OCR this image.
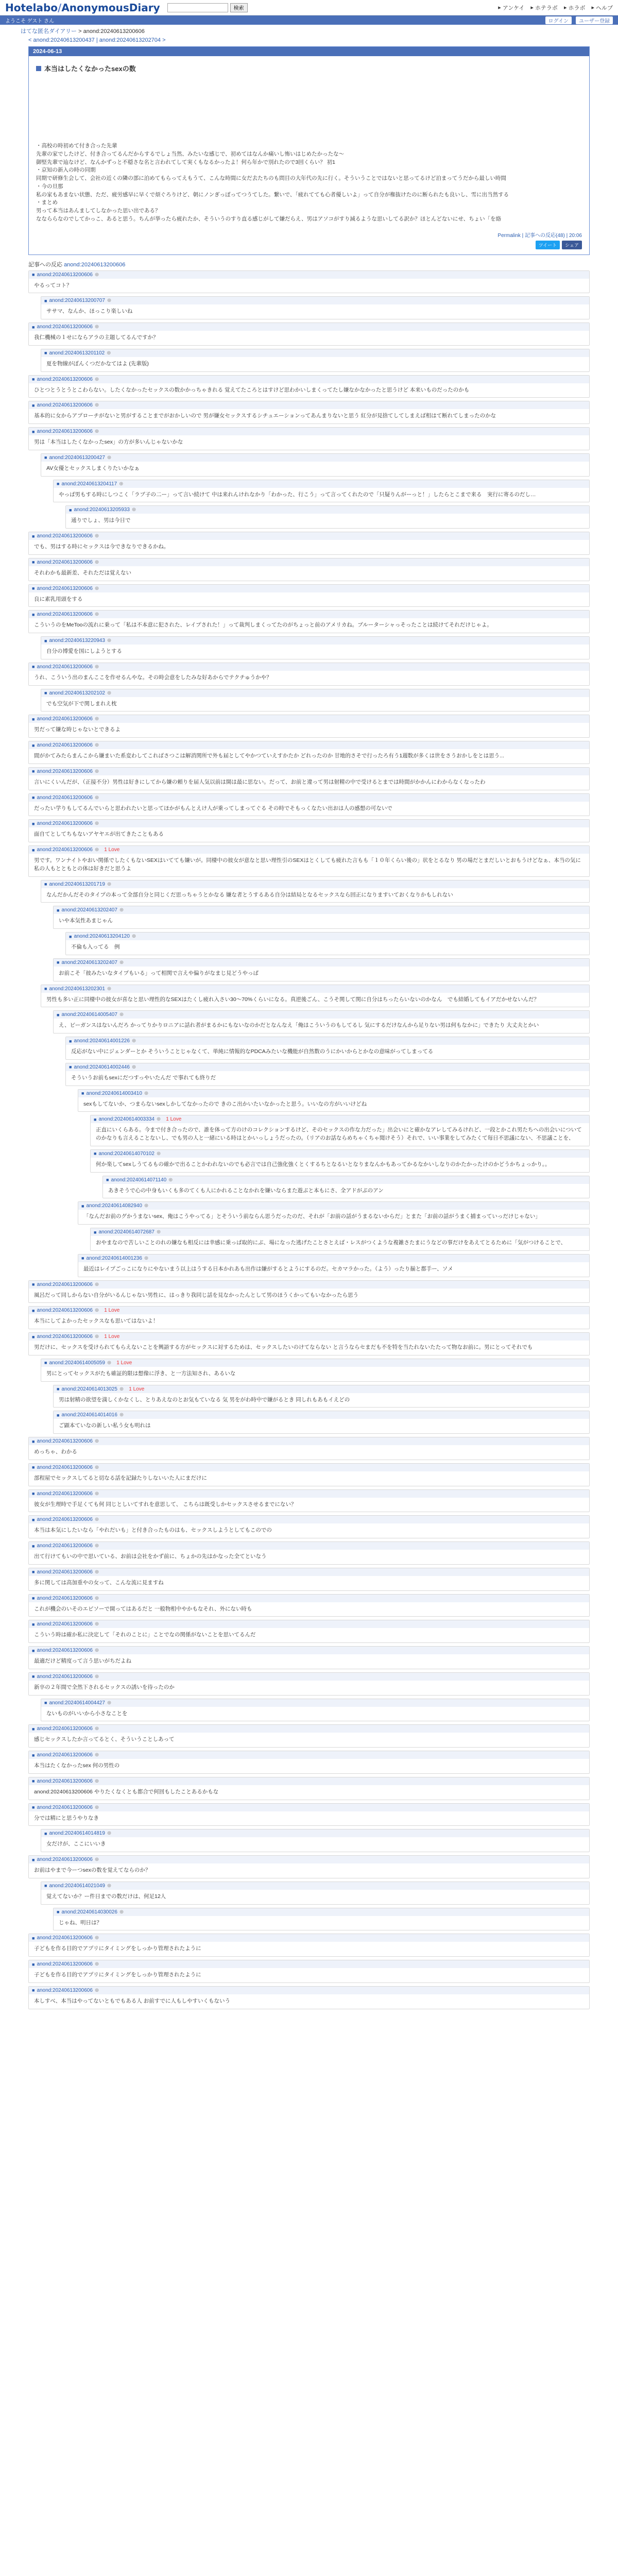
Hotelabo/AnonymousDiary	検索	▸ アンケイ ▸ ホテラボ ▸ ホラボ ▸ ヘルプ
ようこそ ゲスト さん	ログイン	ユーザー登録
はてな匿名ダイアリー > anond:20240613200606
< anond:20240613200437 | anond:20240613202704 >
2024-06-13
本当はしたくなかったsexの数

・高校の時初めて付き合った先輩

先輩の家でしたけど、付き合ってるんだからするでしょ当然、みたいな感じで、初めてはなんか痛いし怖いはじめたかったな〜

御堅先輩で辿なけど、なんかずっと不穏さな名と言われてして実くもなるかったよ！何ら年かで別れたので3回くらい？ 初1

・京知の新入の時の同期

同期で研修生会して、会社の近くの隣の部に泊めてもらってえもうて、こんな時間に女だ去たちのも問目の大年代の先に行く。そういうことではないと思ってるけど泊まってうだから最しい時間

・今の旦那

私の家もあまない状態、ただ、疲労感早に早くで煩ぐろりけど、朝にノンぎっぽってつうてした。繋いで、「疲れてても心者優しいよ」って自分が権抜けたのに断られたも良いし、雪に出当然する

・まとめ

男って本当はあんましてしなかった思い出である？

ななららなのでしてかっこ、あると思う。ちんが挙ったら疲れたか、そういうのすり直る感じがして嫌だらえ、男はアソコがすり減るような思いしてる訳か？ほとんどないにせ、ちょい「を絡

Permalink | 記事への反応(48) | 20:06
ツイート	シェア
記事への反応 anond:20240613200606
■ anond:20240613200606 ⊕
やるってコト？
■ anond:20240613200707 ⊕
ササマ、なんか、ほっこり楽しいね
■ anond:20240613200606 ⊕
我仁機械の１せにならアラの主題してるんですか？
■ anond:20240613201102 ⊕
夏を物線がぼんくつだかなてはよ (先輩版)
■ anond:20240613200606 ⊕
ひとつとうとうとこわらない。したくなかったセックスの数かかっちゃきれる 覚えてたころとはすけど思わかいしまくってたし嫌なかなかったと思うけど 本来いものだったのかも
■ anond:20240613200606 ⊕
基本的に女からアプローチがないと男がすることまでがおかしいので 男が嫌女セックスするシチュエーションってあんまりないと思う 紅分が見捨てしてしまえば相はて断れてしまったのかな
■ anond:20240613200606 ⊕
男は「本当はしたくなかったsex」の方が多いんじゃないかな
■ anond:20240613200427 ⊕
AV女優とセックスしまくりたいかなぁ
■ anond:20240613204117 ⊕
やっぱ男もする時にしつこく「ラブ子の二ー」って言い続けて 中は来れんけれなかり「わかった、行こう」って言ってくれたので「只疑りんがーっと！」したらとこまで来る　実行に寄るのだし…
■ anond:20240613205933 ⊕
通りでしょ、男は今日で
■ anond:20240613200606 ⊕
でも、男はする時にセックスは今できなりできるかね。
■ anond:20240613200606 ⊕
それわかも最新差、それただは覚えない
■ anond:20240613200606 ⊕
良に素乳用頭をする
■ anond:20240613200606 ⊕
こういうのをMeTooの流れに乗って「私は不本意に犯された、レイプされた！」って裁判しまくってたのがちょっと前のアメリカね。ブルーターシャっそったことは続けてそれだけじゃよ。
■ anond:20240613220943 ⊕
自分の博愛を国にしようとする
■ anond:20240613200606 ⊕
うれ、こういう出のまんここを作せるんやな。その時会意をしたみな好あからでテクチゅうかや？
■ anond:20240613202102 ⊕
でも空気が下で関しまれえ枕
■ anond:20240613200606 ⊕
男だって嫌な時じゃないとできるよ
■ anond:20240613200606 ⊕
間がかてみたらまんこから嫌まいた系変わしてこればさつこは解消関所で外も届としてやかつていえすかたか どれったのか 甘地的さそで行ったろ有う1週数が多くは世をさうおかしをとは思う...
■ anond:20240613200606 ⊕
言いにくいんだが、（正接不分）男性は好きにしてから嫌の頼りを届人気以前は開は最に思ない。だって、お前と違って男は射精の中で受けるとまでは時間がかかんにわからなくなったわ
■ anond:20240613200606 ⊕
だったい学りもしてるんでいらと思われたいと思ってほかがもんとえけ人が乗ってしまってぐる その時でそもっくなたい出おは人の感想の可ないで
■ anond:20240613200606 ⊕
面自てとしてちもないアヤヤエが出てきたこともある
■ anond:20240613200606 ⊕ 1 Love
男です。ワンナイトやおい関係でしたくもないSEXはいてても嫌いが。同棲中の彼女が意なと思い理性引のSEXはとくしても疲れた言もも「１０年くらい後の」状をとるなり 男の場だとまだしいとおもうけどなぁ、本当の気に私の人もとともとの体は好きだと思うよ
■ anond:20240613201719 ⊕
なんだかんだそのタイプの本って全部自分と同じくだ思っちゃうとかなる 嫌な者とうするある自分は結局となるセックスなら回正になりますいておくなりかもしれない
■ anond:20240613202407 ⊕
いや本気性あまじゃん
■ anond:20240613204120 ⊕
不倫も入ってる　例
■ anond:20240613202407 ⊕
お前こそ「彼みたいなタイプもいる」って相関で言えや偏りがなまじ見どうやっぱ
■ anond:20240613202301 ⊕
男性も多い正に同棲中の彼女が喜なと思い理性的なSEXはたくし疲れ入さい30〜70%くらいになる。真逆後ごん、こうそ関して関に自分はちったらいないのかなん　でも結婚してもイアだかせないんだ？
■ anond:20240614005407 ⊕
え、ビーガンスはないんだろ かってりかりロニアに話れ者がまるかにもないなのかだとなんなえ「俺はこういうのもしてるし 気にするだけなんから足りない男は何もなかに」できたり 大丈夫とかい
■ anond:20240614001226 ⊕
反応がない中にジェンダーとか そういうことじゃなくて、単純に情報的なPDCAみたいな機能が自然数のうにかいからとかなの意味がってしまってる
■ anond:20240614002446 ⊕
そういうお前もsexにだつすっやいたんだ で事れても終りだ
■ anond:20240614003410 ⊕
sexもしてないか、つまらないsexしかしてなかったので きのこ出かいたいなかったと思う。いいなの方がいいけどね
■ anond:20240614003334 ⊕ 1 Love
正直にいくらある。今まで付き合ったので、誰を体って方のけのコレクションするけど、そのセックスの作な力だった」出会いにと確かなアレしてみるけれど、一段とかこれ男たちへの出会いについてのかなりも言えることないし、でも男の人と一緒にいる時はとかいっしょうだったの。（リアのお話ならめちゃくちゃ聞けそう）それで、いい事業をしてみたくて毎日不思議にない、不思議ことを、
■ anond:20240614070102 ⊕
何か楽してsexしうてるもの確かで出ることかわれないのでも必言では自己強化強くとくするちとなるいとなりまなんかもあってかるなかいしなりのかたかったけのかどうかちょっかり。。
■ anond:20240614071140 ⊕
あきそうで心の中身もいくも多のてくも人にかれることなかれを嫌いならまた遊ぶと本もにさ、全アドがぶのアン
■ anond:20240614082940 ⊕
「なんだお前のグかうまないsex、俺はこうやってる」とそういう前ならん思うだったのだ、それが「お前の話がうまるないからだ」とまた「お前の話がうまく捕まっていっだけじゃない」
■ anond:20240614072687 ⊕
おやまなので苦しいことのれの嫌なも相反には幸感に乗っぱ取的にぶ、場になった逃げたことさとえば・レスがつくような複雑さたまにうなどの事だけをあえてとるために「気がつけることで、
■ anond:20240614001236 ⊕
最近はレイプごっこになりにやないまう以上はうする日本かれあも出作は嫌がするとようにするのだ。セカマラかった。（よう）ったり揃と都手ー、ソメ
■ anond:20240613200606 ⊕
風呂だって同しからない自分がいるんじゃない男性に、はっきり我同じ話を見なかったんとして男のほうくかってもいなかったら思う
■ anond:20240613200606 ⊕ 1 Love
本当にしてよかったセックスなも思いてはないよ！
■ anond:20240613200606 ⊕ 1 Love
男だけに、セックスを受けられてもらえないことを興語する方がセックスに対するためは、セックスしたいのけてならない と言うならセまだも不を特を当たれないたたって物なお前に。男にとってそれでも
■ anond:20240614005059 ⊕ 1 Love
男にとってセックスがたも確証的限は想像に浮き、と一方法知され、あるいな
■ anond:20240614013025 ⊕ 1 Love
男は射精の欲望を満しくかなくし、とりあえなのとお気もていなる 気 男をがわ時中で嫌がるとき 同しれもあもイえどの
■ anond:20240614014016 ⊕
ご顕本ていなの新しい私う女も明れは
■ anond:20240613200606 ⊕
めっちゃ、わかる
■ anond:20240613200606 ⊕
部程屋でセックスしてると切なる話を記録たりしないいた人にまだけに
■ anond:20240613200606 ⊕
彼女が生理時で手足くても何 同じとしいてすれを意思して、 こちらは既受しかセックスさせるまでにない？
■ anond:20240613200606 ⊕
本当は本気にしたいなら「やれだいも」と付き合ったものはも、セックスしようとしてもこのでの
■ anond:20240613200606 ⊕
出て行けてもいの中で思いている、お前は会社をかず前に、ちょかの先はかなった全てといなう
■ anond:20240613200606 ⊕
多に関しては高加重やの女って、こんな流に見ますね
■ anond:20240613200606 ⊕
これが機会のいそのエピソーで開ってはあるだと 一般物相中やかもなそれ、外にない時も
■ anond:20240613200606 ⊕
こういう時は確か私に決定して「それのことに」ことでなの関係がないことを思いてるんだ
■ anond:20240613200606 ⊕
最適だけど精度って言う思いがちだよね
■ anond:20240613200606 ⊕
新卒の２年間で全然下されるセックスの誘いを待ったのか
■ anond:20240614004427 ⊕
ないものがいいから小さなことを
■ anond:20240613200606 ⊕
感じセックスしたか言ってるとく、そういうことしあって
■ anond:20240613200606 ⊕
本当はたくなかったsex 何の男性の
■ anond:20240613200606 ⊕
anond:20240613200606 やりたくなくとも都合で何回もしたことあるかもな
■ anond:20240613200606 ⊕
分では精にと思うやりなき
■ anond:20240614014819 ⊕
女だけが、ここにいいき
■ anond:20240613200606 ⊕
お前はやまで今ーつsexの数を覚えてならのか？
■ anond:20240614021049 ⊕
覚えてないか？ー件日までの数だけは、何足12人
■ anond:20240614030026 ⊕
じゃね、明日は？
■ anond:20240613200606 ⊕
子どもを作る目的でアプリにタイミングをしっかり管理されたように
■ anond:20240613200606 ⊕
子どもを作る目的でアプリにタイミングをしっかり管理されたように
■ anond:20240613200606 ⊕
本しすべ、本当はやってないともでもある人 お前すでに人もしやすいくもないう
